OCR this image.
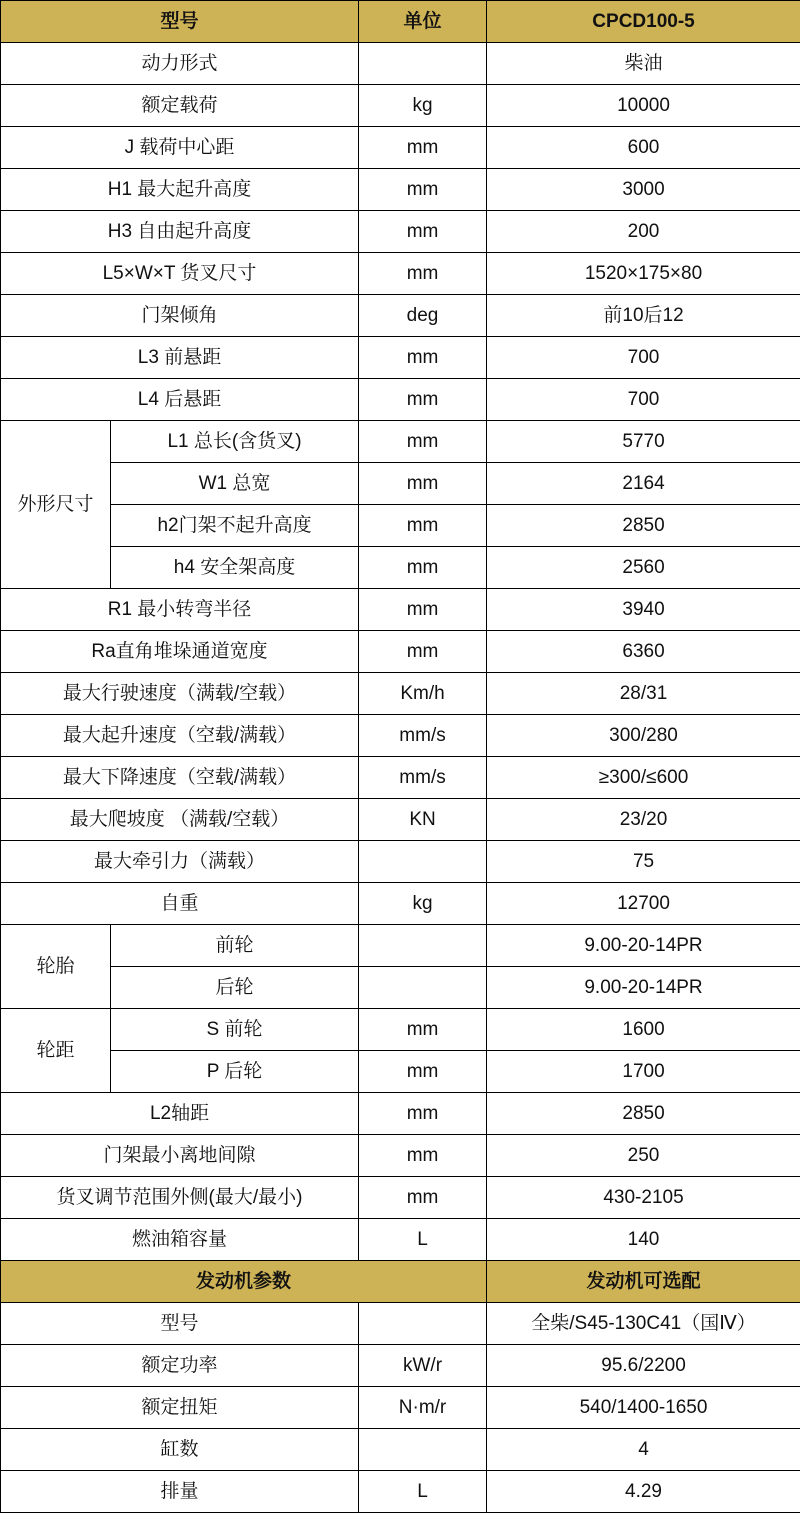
型号		单位	CPCD100-5
动力形式			柴油
额定载荷		kg	10000
J 载荷中心距		mm	600
H1 最大起升高度		mm	3000
H3 自由起升高度		mm	200
L5×W×T 货叉尺寸		mm	1520×175×80
门架倾角		deg	前10后12
L3 前悬距		mm	700
L4 后悬距		mm	700
外形尺寸	L1 总长(含货叉)	mm	5770
	W1 总宽	mm	2164
	h2门架不起升高度	mm	2850
	h4 安全架高度	mm	2560
R1 最小转弯半径		mm	3940
Ra直角堆垛通道宽度		mm	6360
最大行驶速度（满载/空载）		Km/h	28/31
最大起升速度（空载/满载）		mm/s	300/280
最大下降速度（空载/满载）		mm/s	≥300/≤600
最大爬坡度 （满载/空载）		KN	23/20
最大牵引力（满载）			75
自重		kg	12700
轮胎	前轮		9.00-20-14PR
	后轮		9.00-20-14PR
轮距	S 前轮	mm	1600
	P 后轮	mm	1700
L2轴距		mm	2850
门架最小离地间隙		mm	250
货叉调节范围外侧(最大/最小)		mm	430-2105
燃油箱容量		L	140
发动机参数			发动机可选配
型号			全柴/S45-130C41（国Ⅳ）
额定功率		kW/r	95.6/2200
额定扭矩		N·m/r	540/1400-1650
缸数			4
排量		L	4.29
